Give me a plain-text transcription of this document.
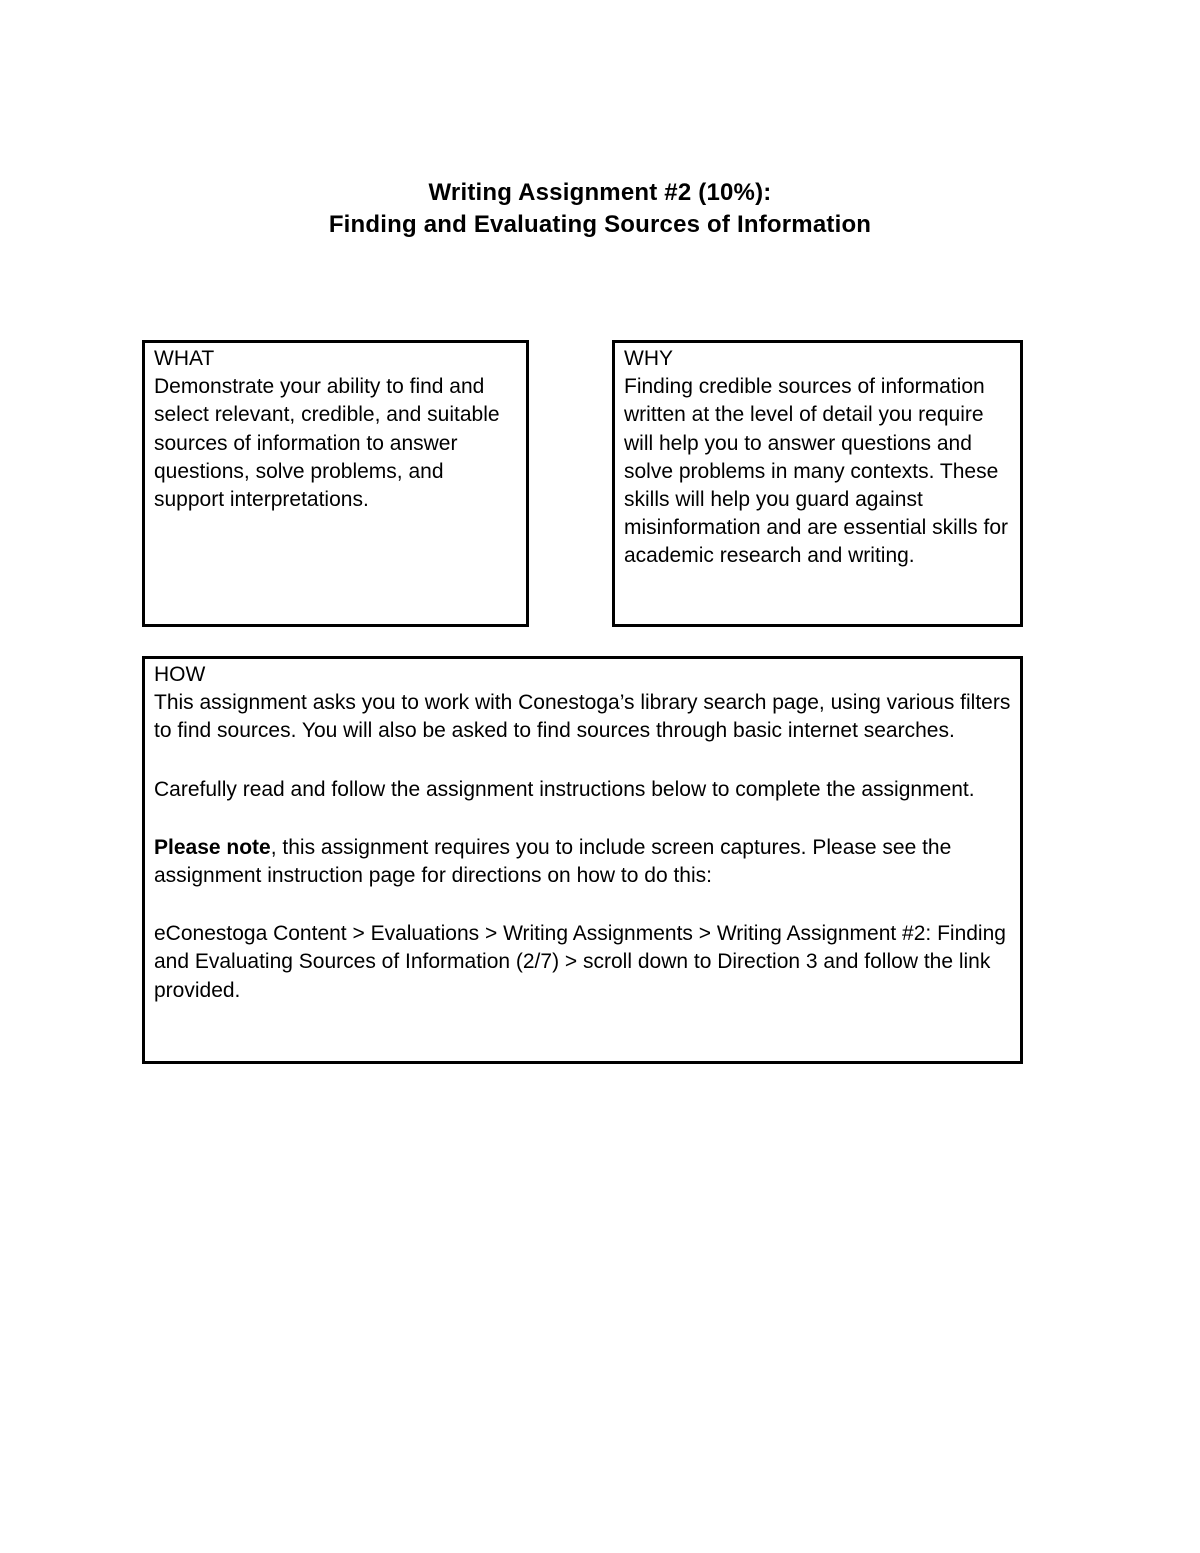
Writing Assignment #2 (10%):
Finding and Evaluating Sources of Information
WHAT
Demonstrate your ability to find and select relevant, credible, and suitable sources of information to answer questions, solve problems, and support interpretations.
WHY
Finding credible sources of information written at the level of detail you require will help you to answer questions and solve problems in many contexts. These skills will help you guard against misinformation and are essential skills for academic research and writing.
HOW

This assignment asks you to work with Conestoga’s library search page, using various filters to find sources. You will also be asked to find sources through basic internet searches.

Carefully read and follow the assignment instructions below to complete the assignment.

Please note, this assignment requires you to include screen captures. Please see the assignment instruction page for directions on how to do this:

eConestoga Content > Evaluations > Writing Assignments > Writing Assignment #2: Finding and Evaluating Sources of Information (2/7) > scroll down to Direction 3 and follow the link provided.
